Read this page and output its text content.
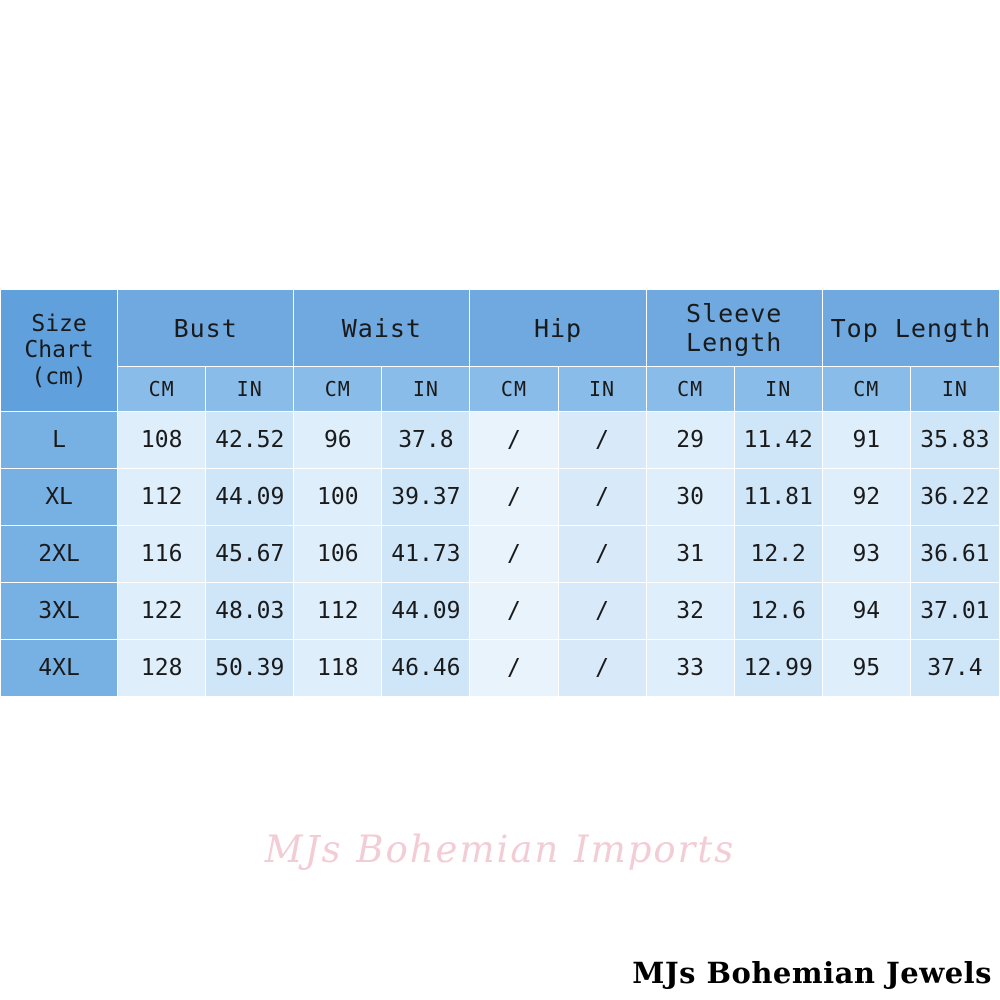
Size Chart (cm)	Bust		Waist		Hip		Sleeve Length		Top Length	
	CM	IN	CM	IN	CM	IN	CM	IN	CM	IN
L	108	42.52	96	37.8	/	/	29	11.42	91	35.83
XL	112	44.09	100	39.37	/	/	30	11.81	92	36.22
2XL	116	45.67	106	41.73	/	/	31	12.2	93	36.61
3XL	122	48.03	112	44.09	/	/	32	12.6	94	37.01
4XL	128	50.39	118	46.46	/	/	33	12.99	95	37.4
MJs Bohemian Imports
MJs Bohemian Jewels
